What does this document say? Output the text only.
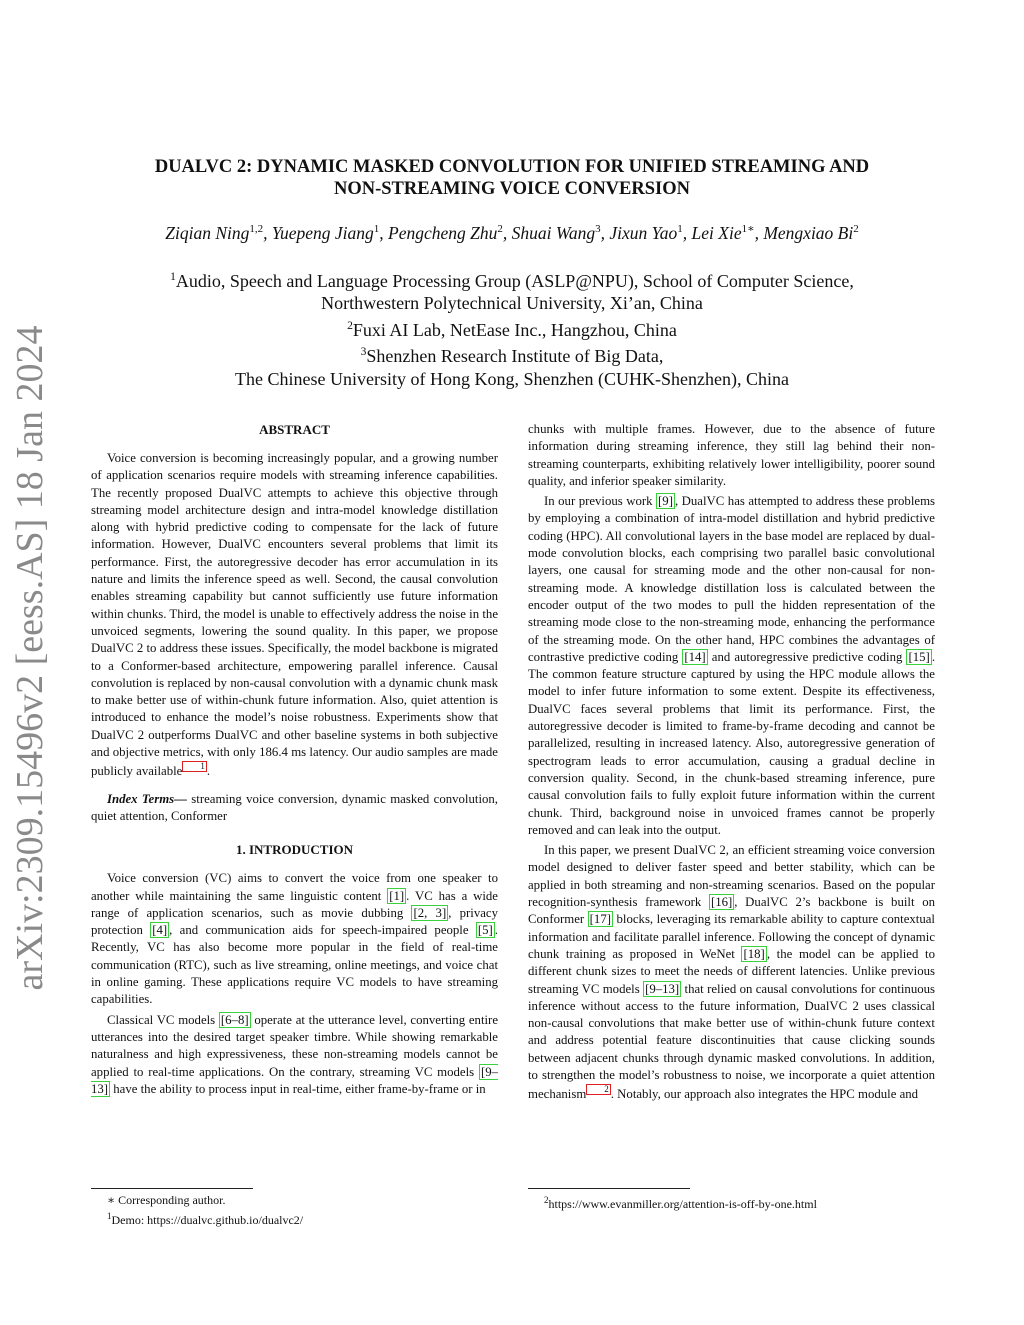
arXiv:2309.15496v2 [eess.AS] 18 Jan 2024
DUALVC 2: DYNAMIC MASKED CONVOLUTION FOR UNIFIED STREAMING AND
NON-STREAMING VOICE CONVERSION
Ziqian Ning$^{1,2}$, Yuepeng Jiang$^1$, Pengcheng Zhu$^2$, Shuai Wang$^3$, Jixun Yao$^1$, Lei Xie$^{1∗}$, Mengxiao Bi$^2$
$^1$Audio, Speech and Language Processing Group (ASLP@NPU), School of Computer Science,
Northwestern Polytechnical University, Xi’an, China
$^2$Fuxi AI Lab, NetEase Inc., Hangzhou, China
$^3$Shenzhen Research Institute of Big Data,
The Chinese University of Hong Kong, Shenzhen (CUHK-Shenzhen), China
ABSTRACT

Voice conversion is becoming increasingly popular, and a growing number of application scenarios require models with streaming inference capabilities. The recently proposed DualVC attempts to achieve this objective through streaming model architecture design and intra-model knowledge distillation along with hybrid predictive coding to compensate for the lack of future information. However, DualVC encounters several problems that limit its performance. First, the autoregressive decoder has error accumulation in its nature and limits the inference speed as well. Second, the causal convolution enables streaming capability but cannot sufficiently use future information within chunks. Third, the model is unable to effectively address the noise in the unvoiced segments, lowering the sound quality. In this paper, we propose DualVC 2 to address these issues. Specifically, the model backbone is migrated to a Conformer-based architecture, empowering parallel inference. Causal convolution is replaced by non-causal convolution with a dynamic chunk mask to make better use of within-chunk future information. Also, quiet attention is introduced to enhance the model’s noise robustness. Experiments show that DualVC 2 outperforms DualVC and other baseline systems in both subjective and objective metrics, with only 186.4 ms latency. Our audio samples are made publicly available 1 .

Index Terms— streaming voice conversion, dynamic masked convolution, quiet attention, Conformer

1. INTRODUCTION

Voice conversion (VC) aims to convert the voice from one speaker to another while maintaining the same linguistic content [1] . VC has a wide range of application scenarios, such as movie dubbing [2, 3] , privacy protection [4] , and communication aids for speech-impaired people [5] . Recently, VC has also become more popular in the field of real-time communication (RTC), such as live streaming, online meetings, and voice chat in online gaming. These applications require VC models to have streaming capabilities.

Classical VC models [6–8] operate at the utterance level, converting entire utterances into the desired target speaker timbre. While showing remarkable naturalness and high expressiveness, these non-streaming models cannot be applied to real-time applications. On the contrary, streaming VC models [9–13] have the ability to process input in real-time, either frame-by-frame or in

chunks with multiple frames. However, due to the absence of future information during streaming inference, they still lag behind their non-streaming counterparts, exhibiting relatively lower intelligibility, poorer sound quality, and inferior speaker similarity.

In our previous work [9] , DualVC has attempted to address these problems by employing a combination of intra-model distillation and hybrid predictive coding (HPC). All convolutional layers in the base model are replaced by dual-mode convolution blocks, each comprising two parallel basic convolutional layers, one causal for streaming mode and the other non-causal for non-streaming mode. A knowledge distillation loss is calculated between the encoder output of the two modes to pull the hidden representation of the streaming mode close to the non-streaming mode, enhancing the performance of the streaming mode. On the other hand, HPC combines the advantages of contrastive predictive coding [14] and autoregressive predictive coding [15] . The common feature structure captured by using the HPC module allows the model to infer future information to some extent. Despite its effectiveness, DualVC faces several problems that limit its performance. First, the autoregressive decoder is limited to frame-by-frame decoding and cannot be parallelized, resulting in increased latency. Also, autoregressive generation of spectrogram leads to error accumulation, causing a gradual decline in conversion quality. Second, in the chunk-based streaming inference, pure causal convolution fails to fully exploit future information within the current chunk. Third, background noise in unvoiced frames cannot be properly removed and can leak into the output.

In this paper, we present DualVC 2, an efficient streaming voice conversion model designed to deliver faster speed and better stability, which can be applied in both streaming and non-streaming scenarios. Based on the popular recognition-synthesis framework [16] , DualVC 2’s backbone is built on Conformer [17] blocks, leveraging its remarkable ability to capture contextual information and facilitate parallel inference. Following the concept of dynamic chunk training as proposed in WeNet [18] , the model can be applied to different chunk sizes to meet the needs of different latencies. Unlike previous streaming VC models [9–13] that relied on causal convolutions for continuous inference without access to the future information, DualVC 2 uses classical non-causal convolutions that make better use of within-chunk future context and address potential feature discontinuities that cause clicking sounds between adjacent chunks through dynamic masked convolutions. In addition, to strengthen the model’s robustness to noise, we incorporate a quiet attention mechanism 2 . Notably, our approach also integrates the HPC module and

∗ Corresponding author.
$^1$Demo: https://dualvc.github.io/dualvc2/
$^2$https://www.evanmiller.org/attention-is-off-by-one.html
